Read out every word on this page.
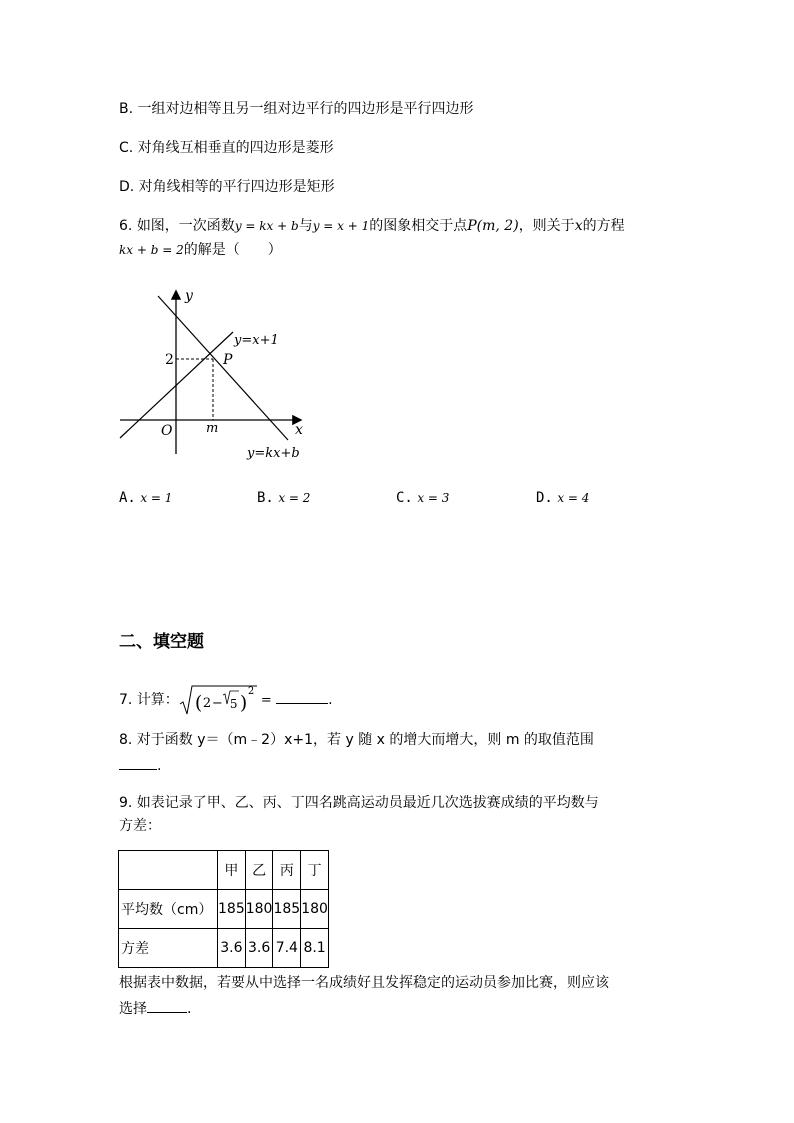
B. 一组对边相等且另一组对边平行的四边形是平行四边形
C. 对角线互相垂直的四边形是菱形
D. 对角线相等的平行四边形是矩形
6. 如图，一次函数y = kx + b与y = x + 1的图象相交于点P(m, 2)，则关于x的方程
kx + b = 2的解是（　　）
y
x
O
2
m
P
y=x+1
y=kx+b
A. x = 1	B. x = 2	C. x = 3	D. x = 4
二、填空题
7. 计算： ( 2 − 5 )
2
=	.
8. 对于函数 y＝（m﹣2）x+1，若 y 随 x 的增大而增大，则 m 的取值范围
.
9. 如表记录了甲、乙、丙、丁四名跳高运动员最近几次选拔赛成绩的平均数与
方差：
	甲	乙	丙	丁
平均数（cm）	185	180	185	180
方差	3.6	3.6	7.4	8.1
根据表中数据，若要从中选择一名成绩好且发挥稳定的运动员参加比赛，则应该
选择	.
